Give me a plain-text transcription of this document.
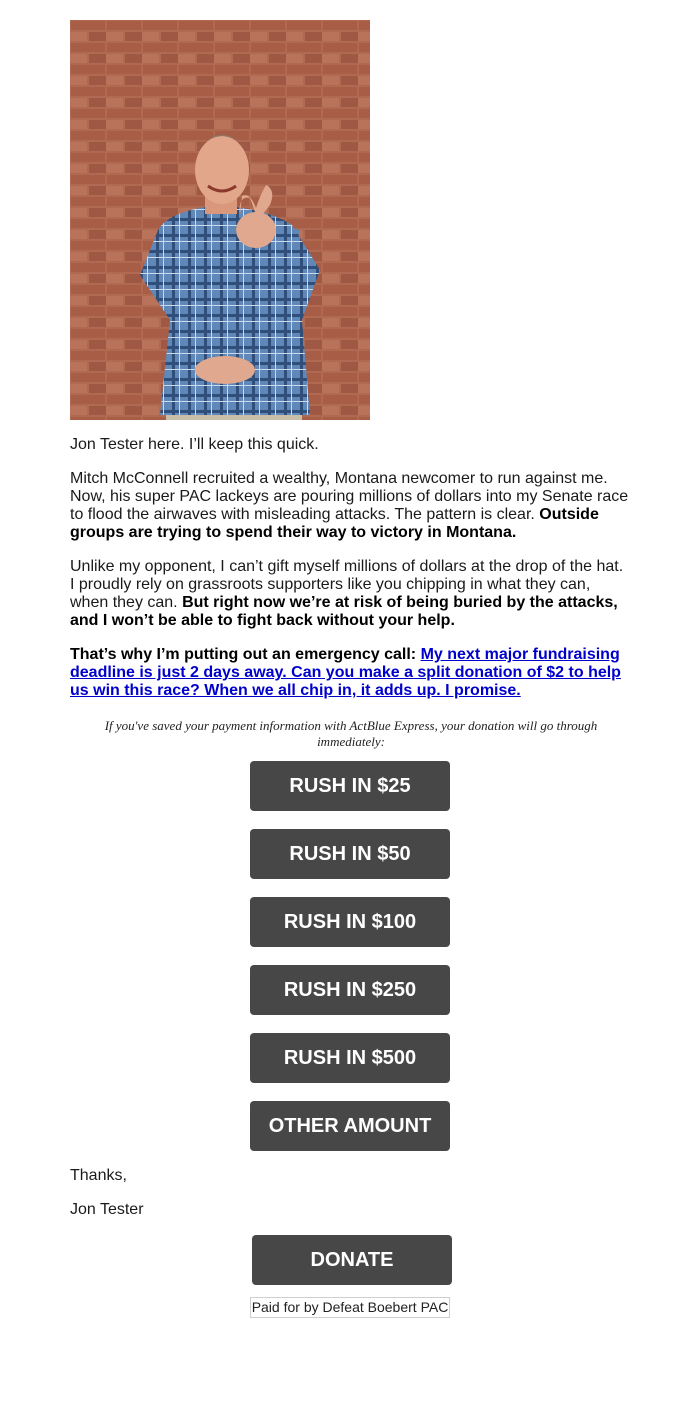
Jon Tester here. I’ll keep this quick.

Mitch McConnell recruited a wealthy, Montana newcomer to run against me. Now, his super PAC lackeys are pouring millions of dollars into my Senate race to flood the airwaves with misleading attacks. The pattern is clear. Outside groups are trying to spend their way to victory in Montana.

Unlike my opponent, I can’t gift myself millions of dollars at the drop of the hat. I proudly rely on grassroots supporters like you chipping in what they can, when they can. But right now we’re at risk of being buried by the attacks, and I won’t be able to fight back without your help.

That’s why I’m putting out an emergency call: My next major fundraising deadline is just 2 days away. Can you make a split donation of $2 to help us win this race? When we all chip in, it adds up. I promise.

If you've saved your payment information with ActBlue Express, your donation will go through immediately:

RUSH IN $25
RUSH IN $50
RUSH IN $100
RUSH IN $250
RUSH IN $500
OTHER AMOUNT
Thanks,
Jon Tester
DONATE
Paid for by Defeat Boebert PAC
